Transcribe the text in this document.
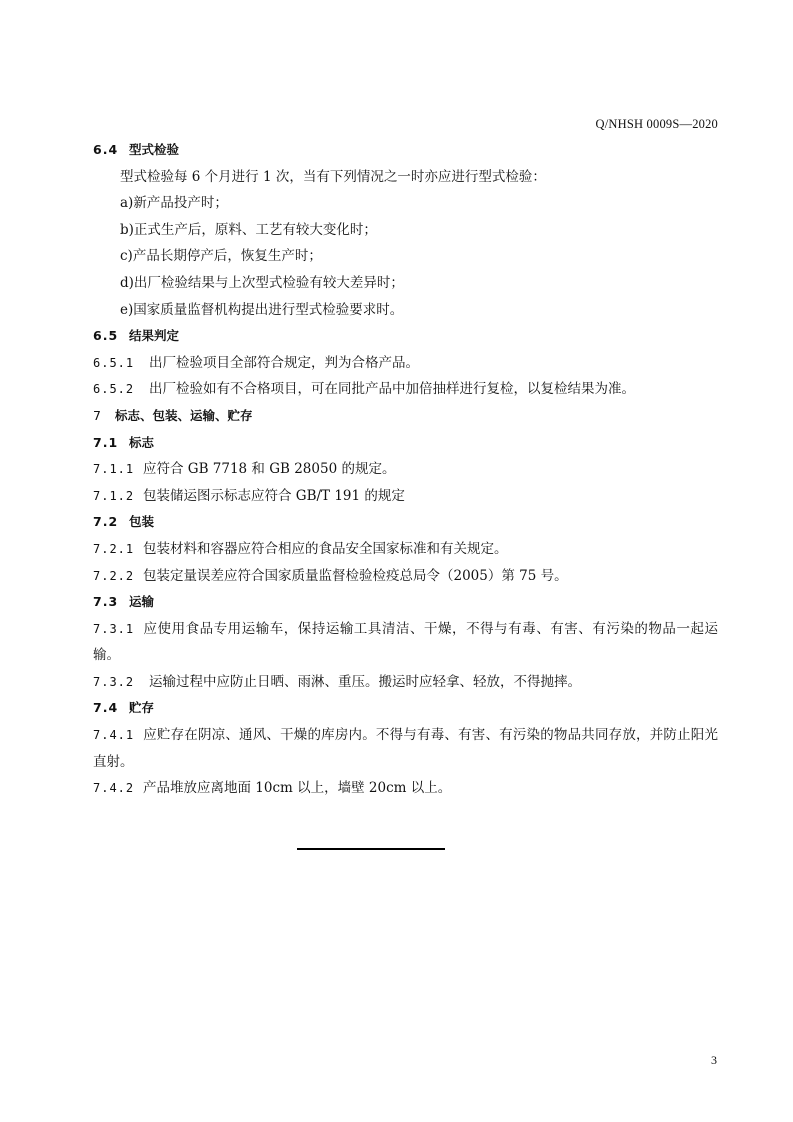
Q/NHSH 0009S—2020
6.4 型式检验
型式检验每 6 个月进行 1 次，当有下列情况之一时亦应进行型式检验：
a)新产品投产时；
b)正式生产后，原料、工艺有较大变化时；
c)产品长期停产后，恢复生产时；
d)出厂检验结果与上次型式检验有较大差异时；
e)国家质量监督机构提出进行型式检验要求时。
6.5 结果判定
6.5.1 出厂检验项目全部符合规定，判为合格产品。
6.5.2 出厂检验如有不合格项目，可在同批产品中加倍抽样进行复检，以复检结果为准。
7 标志、包装、运输、贮存
7.1 标志
7.1.1 应符合 GB 7718 和 GB 28050 的规定。
7.1.2 包装储运图示标志应符合 GB/T 191 的规定
7.2 包装
7.2.1 包装材料和容器应符合相应的食品安全国家标准和有关规定。
7.2.2 包装定量误差应符合国家质量监督检验检疫总局令（2005）第 75 号。
7.3 运输
7.3.1 应使用食品专用运输车，保持运输工具清洁、干燥，不得与有毒、有害、有污染的物品一起运输。
7.3.2 运输过程中应防止日晒、雨淋、重压。搬运时应轻拿、轻放，不得抛摔。
7.4 贮存
7.4.1 应贮存在阴凉、通风、干燥的库房内。不得与有毒、有害、有污染的物品共同存放，并防止阳光直射。
7.4.2 产品堆放应离地面 10cm 以上，墙壁 20cm 以上。
3
